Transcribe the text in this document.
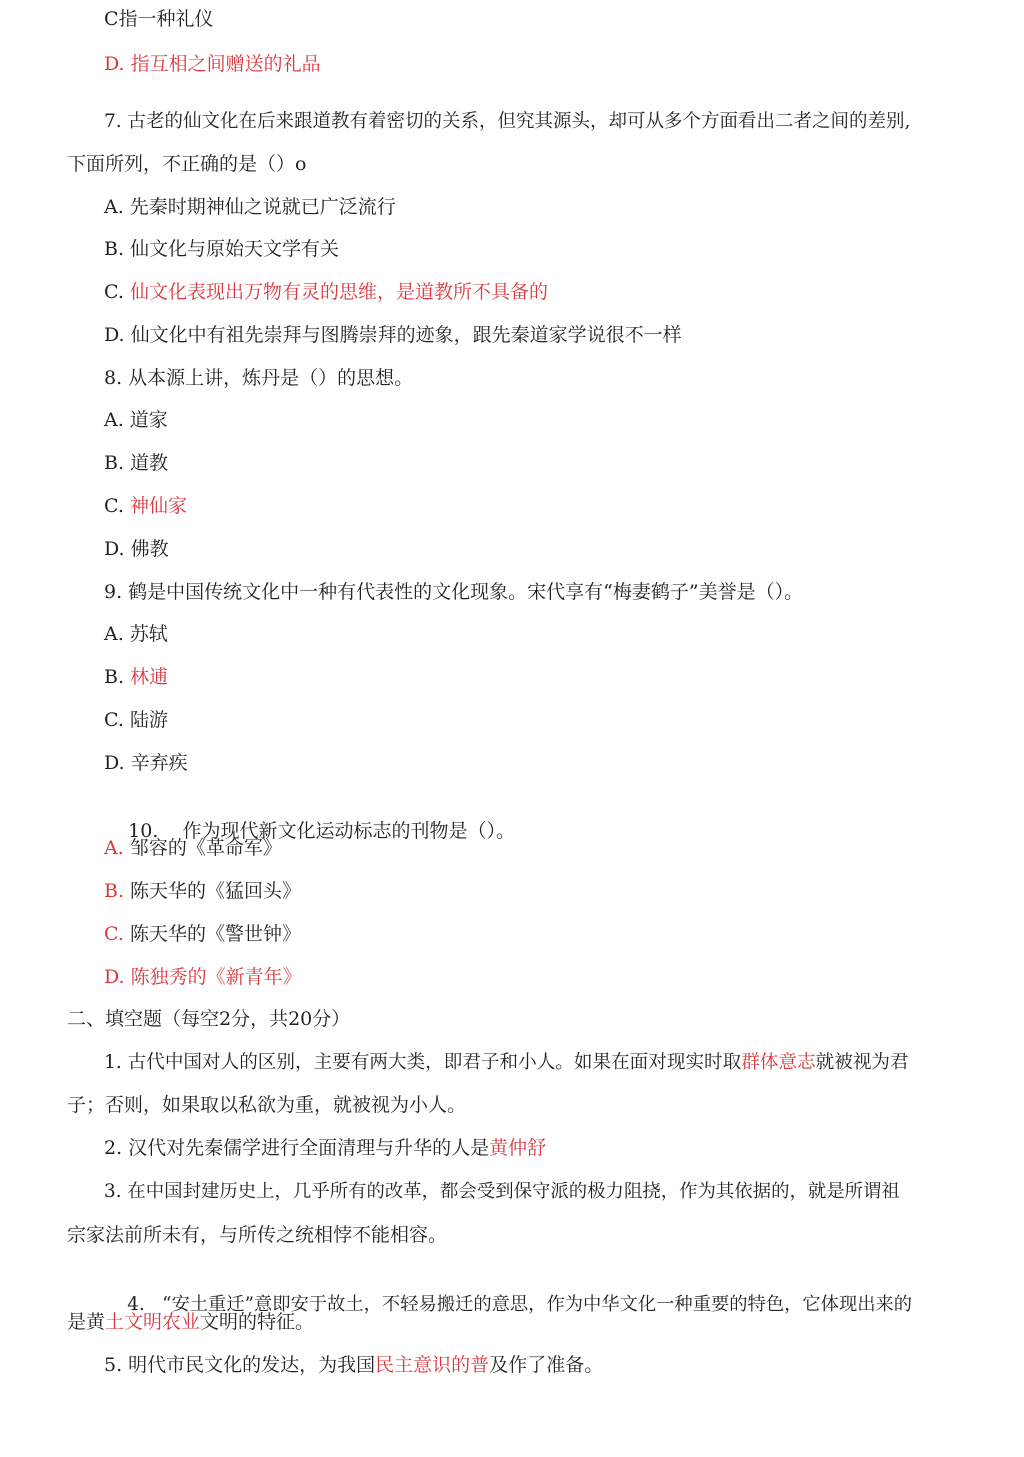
C指一种礼仪
D. 指互相之间赠送的礼品
7. 古老的仙文化在后来跟道教有着密切的关系，但究其源头，却可从多个方面看出二者之间的差别,
下面所列，不正确的是（）o
A. 先秦时期神仙之说就已广泛流行
B. 仙文化与原始天文学有关
C. 仙文化表现出万物有灵的思维，是道教所不具备的
D. 仙文化中有祖先崇拜与图腾崇拜的迹象，跟先秦道家学说很不一样
8. 从本源上讲，炼丹是（）的思想。
A. 道家
B. 道教
C. 神仙家
D. 佛教
9. 鹤是中国传统文化中一种有代表性的文化现象。宋代享有“梅妻鹤子”美誉是（）。
A. 苏轼
B. 林逋
C. 陆游
D. 辛弃疾

10.    作为现代新文化运动标志的刊物是（）。

A. 邹容的《革命军》
B. 陈天华的《猛回头》
C. 陈天华的《警世钟》
D. 陈独秀的《新青年》
二、填空题（每空2分，共20分）
1. 古代中国对人的区别，主要有两大类，即君子和小人。如果在面对现实时取群体意志就被视为君
子；否则，如果取以私欲为重，就被视为小人。
2. 汉代对先秦儒学进行全面清理与升华的人是黄仲舒
3. 在中国封建历史上，几乎所有的改革，都会受到保守派的极力阻挠，作为其依据的，就是所谓祖
宗家法前所未有，与所传之统相悖不能相容。

4.   “安土重迁”意即安于故土，不轻易搬迁的意思，作为中华文化一种重要的特色，它体现出来的

是黄土文明农业文明的特征。
5. 明代市民文化的发达，为我国民主意识的普及作了准备。
